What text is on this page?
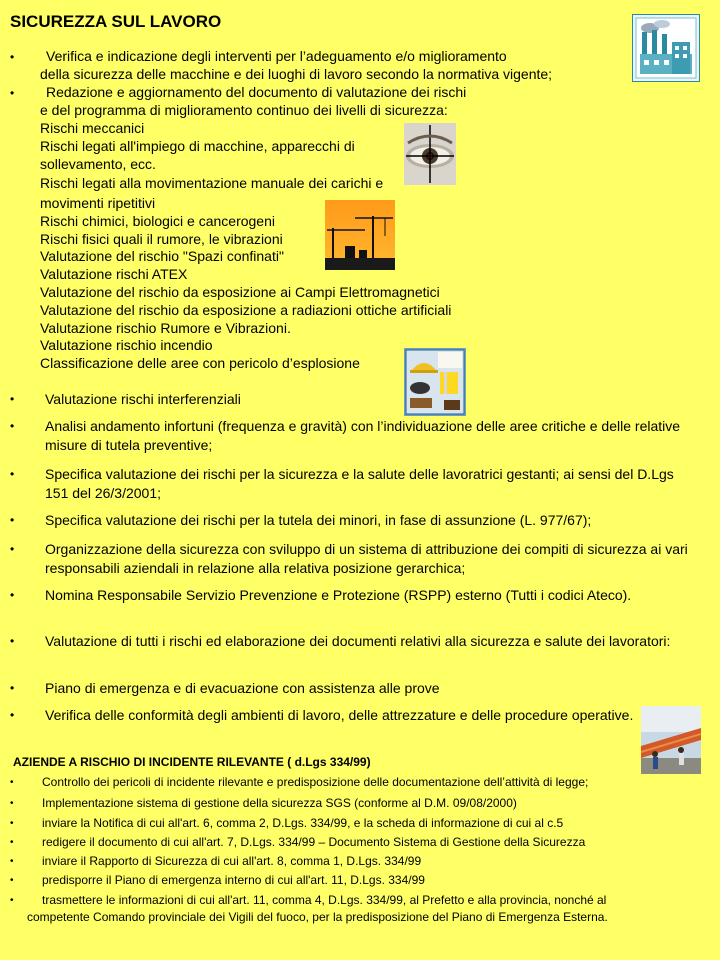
SICUREZZA SUL LAVORO
• Verifica e indicazione degli interventi per l’adeguamento e/o miglioramento
della sicurezza delle macchine e dei luoghi di lavoro secondo la normativa vigente;
• Redazione e aggiornamento del documento di valutazione dei rischi
e del programma di miglioramento continuo dei livelli di sicurezza:
Rischi meccanici
Rischi legati all'impiego di macchine, apparecchi di
sollevamento, ecc.
Rischi legati alla movimentazione manuale dei carichi e
movimenti ripetitivi
Rischi chimici, biologici e cancerogeni
Rischi fisici quali il rumore, le vibrazioni
Valutazione del rischio "Spazi confinati"
Valutazione rischi ATEX
Valutazione del rischio da esposizione ai Campi Elettromagnetici
Valutazione del rischio da esposizione a radiazioni ottiche artificiali
Valutazione rischio Rumore e Vibrazioni.
Valutazione rischio incendio
Classificazione delle aree con pericolo d’esplosione
• Valutazione rischi interferenziali
• Analisi andamento infortuni (frequenza e gravità) con l’individuazione delle aree critiche e delle relative misure di tutela preventive;
• Specifica valutazione dei rischi per la sicurezza e la salute delle lavoratrici gestanti; ai sensi del D.Lgs 151 del 26/3/2001;
• Specifica valutazione dei rischi per la tutela dei minori, in fase di assunzione (L. 977/67);
• Organizzazione della sicurezza con sviluppo di un sistema di attribuzione dei compiti di sicurezza ai vari responsabili aziendali in relazione alla relativa posizione gerarchica;
• Nomina Responsabile Servizio Prevenzione e Protezione (RSPP) esterno (Tutti i codici Ateco).
• Valutazione di tutti i rischi ed elaborazione dei documenti relativi alla sicurezza e salute dei lavoratori:
• Piano di emergenza e di evacuazione con assistenza alle prove
• Verifica delle conformità degli ambienti di lavoro, delle attrezzature e delle procedure operative.
AZIENDE A RISCHIO DI INCIDENTE RILEVANTE ( d.Lgs 334/99)
• Controllo dei pericoli di incidente rilevante e predisposizione delle documentazione dell’attività di legge;
• Implementazione sistema di gestione della sicurezza SGS (conforme al D.M. 09/08/2000)
• inviare la Notifica di cui all'art. 6, comma 2, D.Lgs. 334/99, e la scheda di informazione di cui al c.5
• redigere il documento di cui all'art. 7, D.Lgs. 334/99 – Documento Sistema di Gestione della Sicurezza
• inviare il Rapporto di Sicurezza di cui all'art. 8, comma 1, D.Lgs. 334/99
• predisporre il Piano di emergenza interno di cui all'art. 11, D.Lgs. 334/99
• trasmettere le informazioni di cui all'art. 11, comma 4, D.Lgs. 334/99, al Prefetto e alla provincia, nonché al
competente Comando provinciale dei Vigili del fuoco, per la predisposizione del Piano di Emergenza Esterna.
